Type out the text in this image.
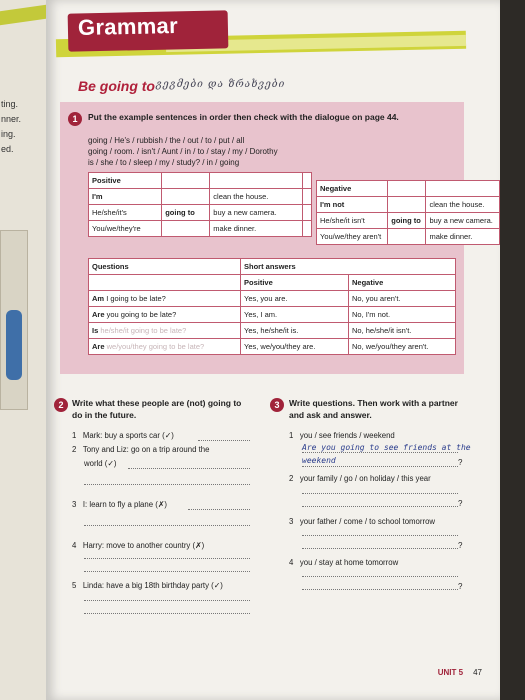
ting.
nner.
ing.
ed.
Grammar
Be going to გეგმები და ზრახვები
1	Put the example sentences in order then check with the dialogue on page 44.
going / He's / rubbish / the / out / to / put / all
going / room. / isn't / Aunt / in / to / stay / my / Dorothy
is / she / to / sleep / my / study? / in / going
Positive			
I'm		clean the house.	
He/she/it's	going to	buy a new camera.	
You/we/they're		make dinner.	
Negative		
I'm not		clean the house.
He/she/it isn't	going to	buy a new camera.
You/we/they aren't		make dinner.
Questions	Short answers	
	Positive	Negative
Am I going to be late?	Yes, you are.	No, you aren't.
Are you going to be late?	Yes, I am.	No, I'm not.
Is he/she/it going to be late?	Yes, he/she/it is.	No, he/she/it isn't.
Are we/you/they going to be late?	Yes, we/you/they are.	No, we/you/they aren't.
2	Write what these people are (not) going to
do in the future.
1 Mark: buy a sports car (✓)
2 Tony and Liz: go on a trip around the
world (✓)
3 I: learn to fly a plane (✗)
4 Harry: move to another country (✗)
5 Linda: have a big 18th birthday party (✓)
3	Write questions. Then work with a partner
and ask and answer.
1 you / see friends / weekend
Are you going to see friends at the
weekend	?
2 your family / go / on holiday / this year
?
3 your father / come / to school tomorrow
?
4 you / stay at home tomorrow
?
UNIT 5 47
